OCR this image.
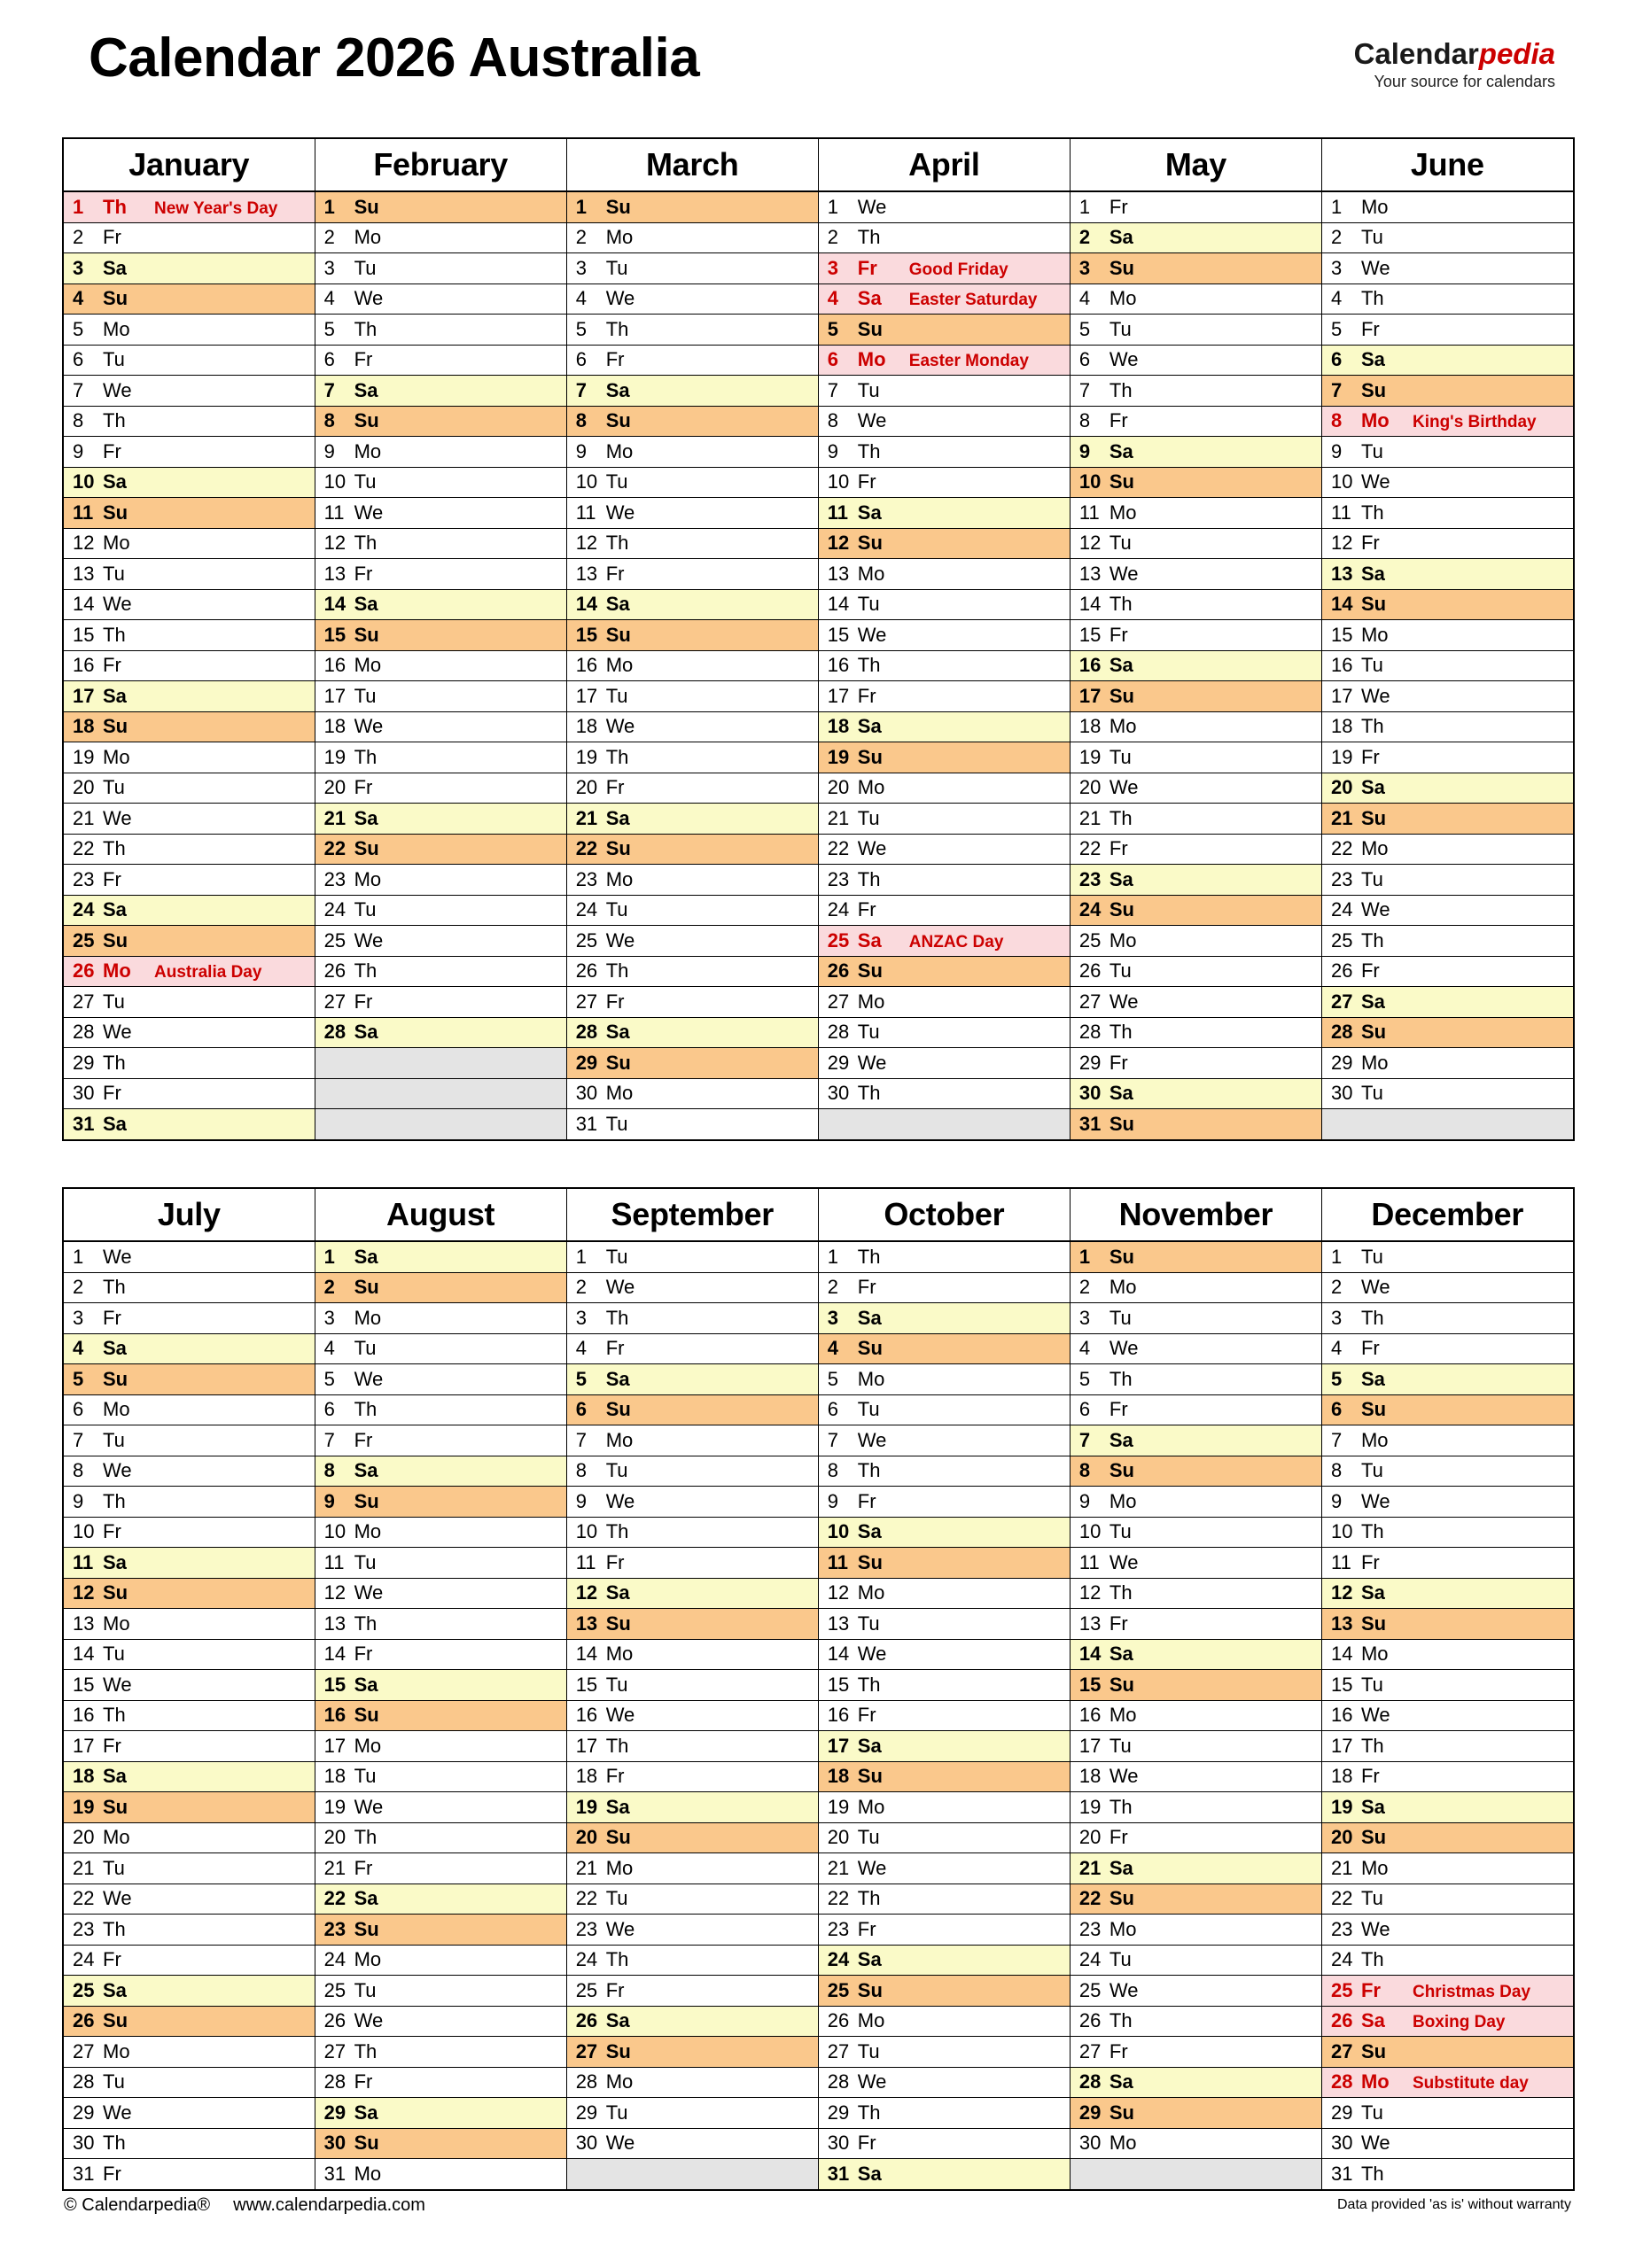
Calendar 2026 Australia	Calendarpedia
Your source for calendars
January	February	March	April	May	June
1 Th New Year's Day	1 Su	1 Su	1 We	1 Fr	1 Mo
2 Fr	2 Mo	2 Mo	2 Th	2 Sa	2 Tu
3 Sa	3 Tu	3 Tu	3 Fr Good Friday	3 Su	3 We
4 Su	4 We	4 We	4 Sa Easter Saturday	4 Mo	4 Th
5 Mo	5 Th	5 Th	5 Su	5 Tu	5 Fr
6 Tu	6 Fr	6 Fr	6 Mo Easter Monday	6 We	6 Sa
7 We	7 Sa	7 Sa	7 Tu	7 Th	7 Su
8 Th	8 Su	8 Su	8 We	8 Fr	8 Mo King's Birthday
9 Fr	9 Mo	9 Mo	9 Th	9 Sa	9 Tu
10 Sa	10 Tu	10 Tu	10 Fr	10 Su	10 We
11 Su	11 We	11 We	11 Sa	11 Mo	11 Th
12 Mo	12 Th	12 Th	12 Su	12 Tu	12 Fr
13 Tu	13 Fr	13 Fr	13 Mo	13 We	13 Sa
14 We	14 Sa	14 Sa	14 Tu	14 Th	14 Su
15 Th	15 Su	15 Su	15 We	15 Fr	15 Mo
16 Fr	16 Mo	16 Mo	16 Th	16 Sa	16 Tu
17 Sa	17 Tu	17 Tu	17 Fr	17 Su	17 We
18 Su	18 We	18 We	18 Sa	18 Mo	18 Th
19 Mo	19 Th	19 Th	19 Su	19 Tu	19 Fr
20 Tu	20 Fr	20 Fr	20 Mo	20 We	20 Sa
21 We	21 Sa	21 Sa	21 Tu	21 Th	21 Su
22 Th	22 Su	22 Su	22 We	22 Fr	22 Mo
23 Fr	23 Mo	23 Mo	23 Th	23 Sa	23 Tu
24 Sa	24 Tu	24 Tu	24 Fr	24 Su	24 We
25 Su	25 We	25 We	25 Sa ANZAC Day	25 Mo	25 Th
26 Mo Australia Day	26 Th	26 Th	26 Su	26 Tu	26 Fr
27 Tu	27 Fr	27 Fr	27 Mo	27 We	27 Sa
28 We	28 Sa	28 Sa	28 Tu	28 Th	28 Su
29 Th		29 Su	29 We	29 Fr	29 Mo
30 Fr		30 Mo	30 Th	30 Sa	30 Tu
31 Sa		31 Tu		31 Su	
July	August	September	October	November	December
1 We	1 Sa	1 Tu	1 Th	1 Su	1 Tu
2 Th	2 Su	2 We	2 Fr	2 Mo	2 We
3 Fr	3 Mo	3 Th	3 Sa	3 Tu	3 Th
4 Sa	4 Tu	4 Fr	4 Su	4 We	4 Fr
5 Su	5 We	5 Sa	5 Mo	5 Th	5 Sa
6 Mo	6 Th	6 Su	6 Tu	6 Fr	6 Su
7 Tu	7 Fr	7 Mo	7 We	7 Sa	7 Mo
8 We	8 Sa	8 Tu	8 Th	8 Su	8 Tu
9 Th	9 Su	9 We	9 Fr	9 Mo	9 We
10 Fr	10 Mo	10 Th	10 Sa	10 Tu	10 Th
11 Sa	11 Tu	11 Fr	11 Su	11 We	11 Fr
12 Su	12 We	12 Sa	12 Mo	12 Th	12 Sa
13 Mo	13 Th	13 Su	13 Tu	13 Fr	13 Su
14 Tu	14 Fr	14 Mo	14 We	14 Sa	14 Mo
15 We	15 Sa	15 Tu	15 Th	15 Su	15 Tu
16 Th	16 Su	16 We	16 Fr	16 Mo	16 We
17 Fr	17 Mo	17 Th	17 Sa	17 Tu	17 Th
18 Sa	18 Tu	18 Fr	18 Su	18 We	18 Fr
19 Su	19 We	19 Sa	19 Mo	19 Th	19 Sa
20 Mo	20 Th	20 Su	20 Tu	20 Fr	20 Su
21 Tu	21 Fr	21 Mo	21 We	21 Sa	21 Mo
22 We	22 Sa	22 Tu	22 Th	22 Su	22 Tu
23 Th	23 Su	23 We	23 Fr	23 Mo	23 We
24 Fr	24 Mo	24 Th	24 Sa	24 Tu	24 Th
25 Sa	25 Tu	25 Fr	25 Su	25 We	25 Fr Christmas Day
26 Su	26 We	26 Sa	26 Mo	26 Th	26 Sa Boxing Day
27 Mo	27 Th	27 Su	27 Tu	27 Fr	27 Su
28 Tu	28 Fr	28 Mo	28 We	28 Sa	28 Mo Substitute day
29 We	29 Sa	29 Tu	29 Th	29 Su	29 Tu
30 Th	30 Su	30 We	30 Fr	30 Mo	30 We
31 Fr	31 Mo		31 Sa		31 Th
© Calendarpedia® www.calendarpedia.com	Data provided 'as is' without warranty
